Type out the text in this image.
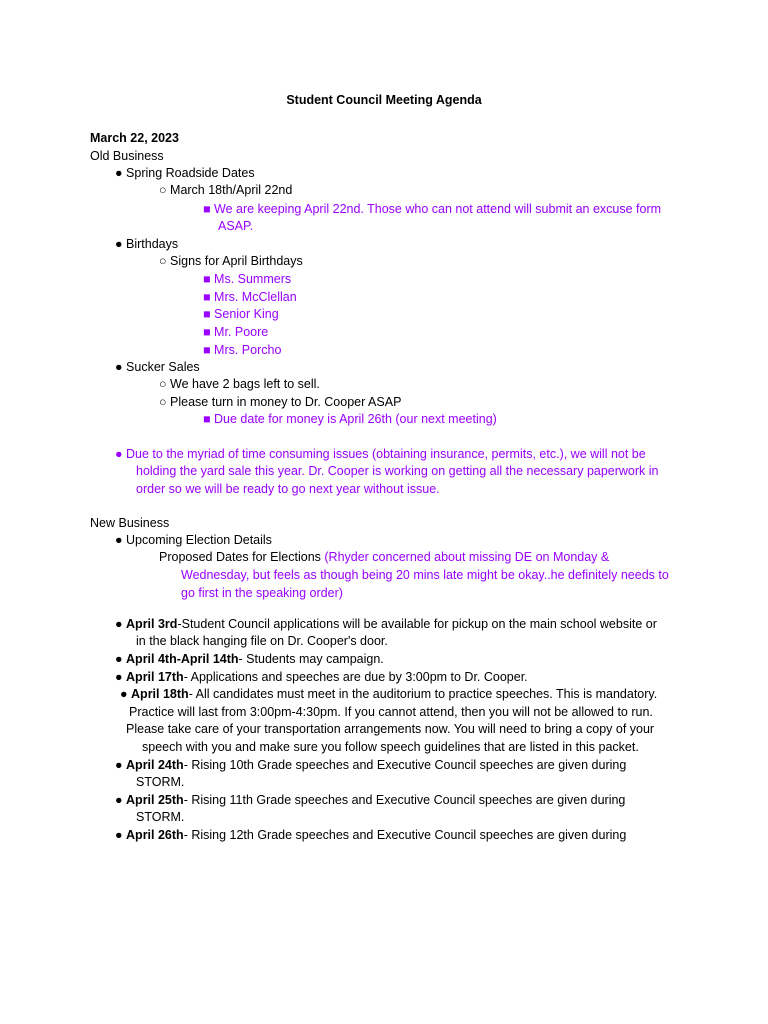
Student Council Meeting Agenda
March 22, 2023
Old Business
● Spring Roadside Dates
○ March 18th/April 22nd
■ We are keeping April 22nd. Those who can not attend will submit an excuse form
ASAP.
● Birthdays
○ Signs for April Birthdays
■ Ms. Summers
■ Mrs. McClellan
■ Senior King
■ Mr. Poore
■ Mrs. Porcho
● Sucker Sales
○ We have 2 bags left to sell.
○ Please turn in money to Dr. Cooper ASAP
■ Due date for money is April 26th (our next meeting)
● Due to the myriad of time consuming issues (obtaining insurance, permits, etc.), we will not be
holding the yard sale this year. Dr. Cooper is working on getting all the necessary paperwork in
order so we will be ready to go next year without issue.
New Business
● Upcoming Election Details
Proposed Dates for Elections (Rhyder concerned about missing DE on Monday &
Wednesday, but feels as though being 20 mins late might be okay..he definitely needs to
go first in the speaking order)
● April 3rd-Student Council applications will be available for pickup on the main school website or
in the black hanging file on Dr. Cooper's door.
● April 4th-April 14th- Students may campaign.
● April 17th- Applications and speeches are due by 3:00pm to Dr. Cooper.
● April 18th- All candidates must meet in the auditorium to practice speeches. This is mandatory.
Practice will last from 3:00pm-4:30pm. If you cannot attend, then you will not be allowed to run.
Please take care of your transportation arrangements now. You will need to bring a copy of your
speech with you and make sure you follow speech guidelines that are listed in this packet.
● April 24th- Rising 10th Grade speeches and Executive Council speeches are given during
STORM.
● April 25th- Rising 11th Grade speeches and Executive Council speeches are given during
STORM.
● April 26th- Rising 12th Grade speeches and Executive Council speeches are given during
